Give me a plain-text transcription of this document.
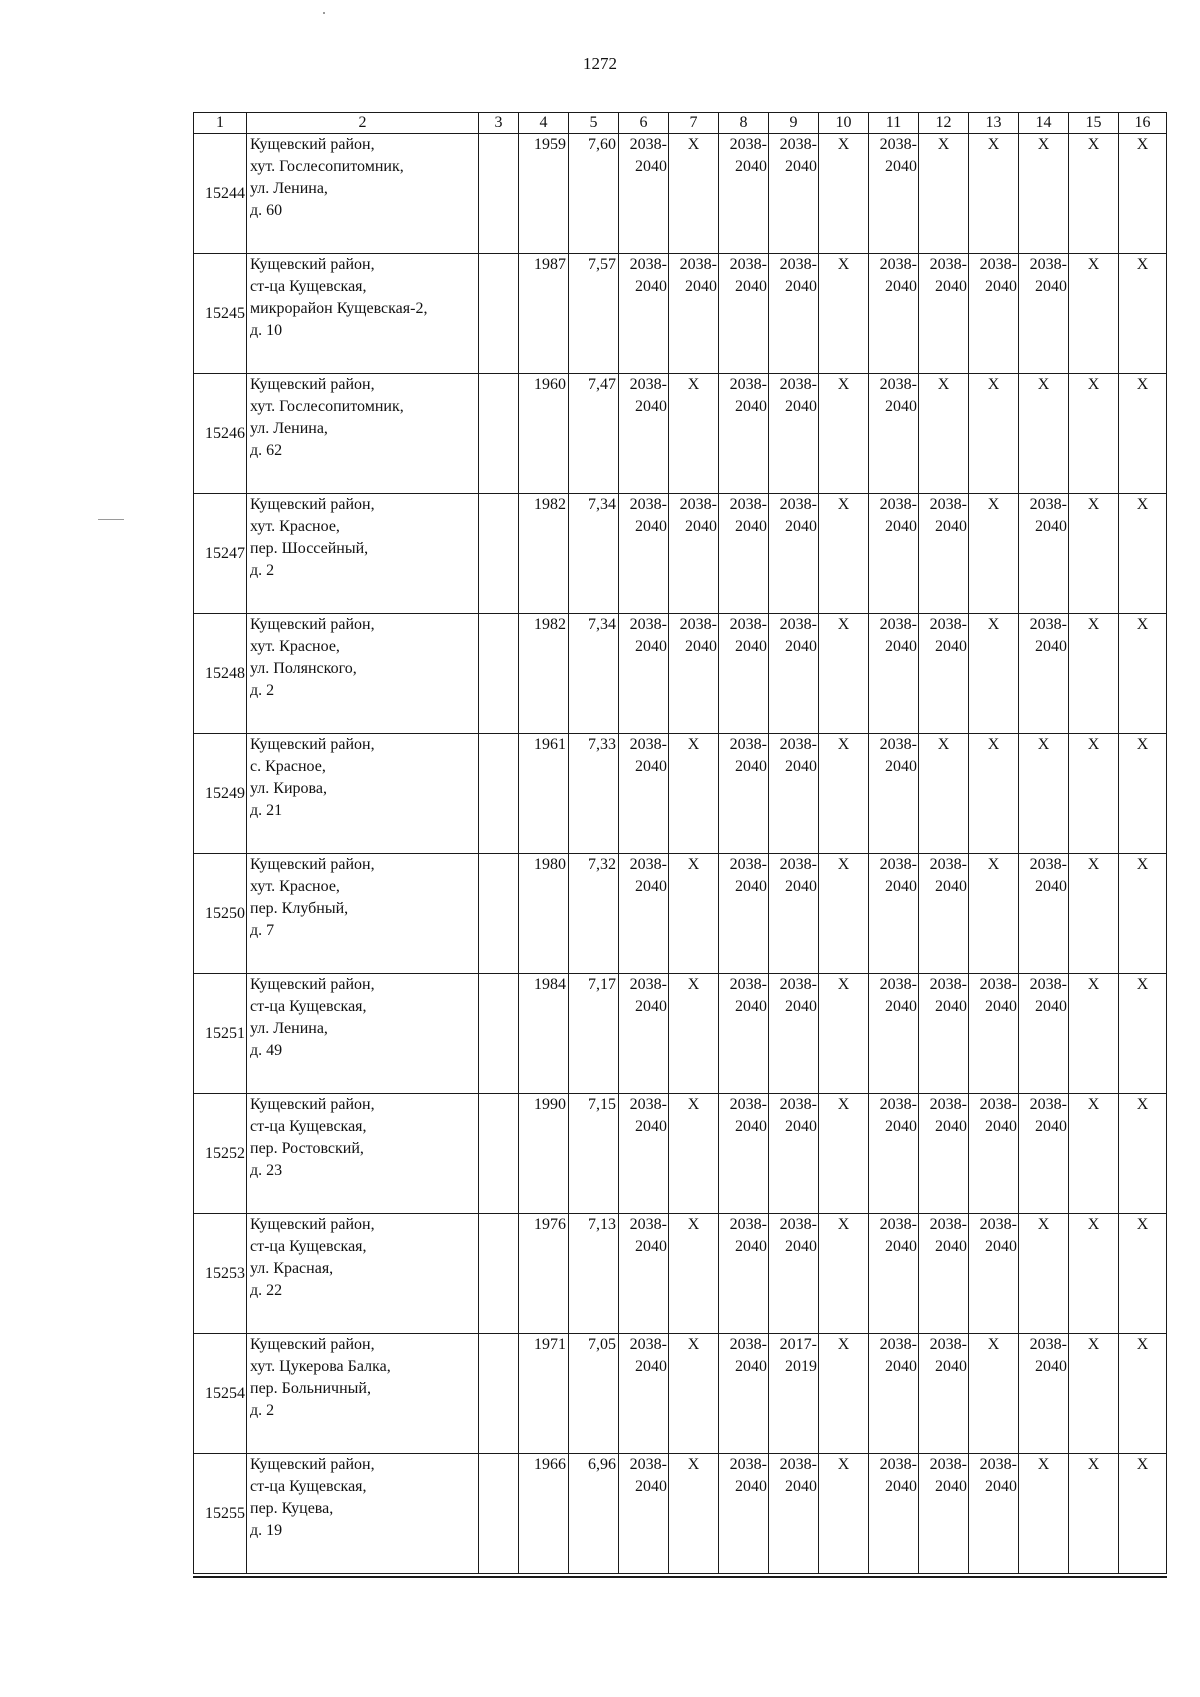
1272
1	2	3	4	5	6	7	8	9	10	11	12	13	14	15	16
15244	Кущевский район,
хут. Гослесопитомник,
ул. Ленина,
д. 60		1959	7,60	2038-
2040	X	2038-
2040	2038-
2040	X	2038-
2040	X	X	X	X	X
15245	Кущевский район,
ст-ца Кущевская,
микрорайон Кущевская-2,
д. 10		1987	7,57	2038-
2040	2038-
2040	2038-
2040	2038-
2040	X	2038-
2040	2038-
2040	2038-
2040	2038-
2040	X	X
15246	Кущевский район,
хут. Гослесопитомник,
ул. Ленина,
д. 62		1960	7,47	2038-
2040	X	2038-
2040	2038-
2040	X	2038-
2040	X	X	X	X	X
15247	Кущевский район,
хут. Красное,
пер. Шоссейный,
д. 2		1982	7,34	2038-
2040	2038-
2040	2038-
2040	2038-
2040	X	2038-
2040	2038-
2040	X	2038-
2040	X	X
15248	Кущевский район,
хут. Красное,
ул. Полянского,
д. 2		1982	7,34	2038-
2040	2038-
2040	2038-
2040	2038-
2040	X	2038-
2040	2038-
2040	X	2038-
2040	X	X
15249	Кущевский район,
с. Красное,
ул. Кирова,
д. 21		1961	7,33	2038-
2040	X	2038-
2040	2038-
2040	X	2038-
2040	X	X	X	X	X
15250	Кущевский район,
хут. Красное,
пер. Клубный,
д. 7		1980	7,32	2038-
2040	X	2038-
2040	2038-
2040	X	2038-
2040	2038-
2040	X	2038-
2040	X	X
15251	Кущевский район,
ст-ца Кущевская,
ул. Ленина,
д. 49		1984	7,17	2038-
2040	X	2038-
2040	2038-
2040	X	2038-
2040	2038-
2040	2038-
2040	2038-
2040	X	X
15252	Кущевский район,
ст-ца Кущевская,
пер. Ростовский,
д. 23		1990	7,15	2038-
2040	X	2038-
2040	2038-
2040	X	2038-
2040	2038-
2040	2038-
2040	2038-
2040	X	X
15253	Кущевский район,
ст-ца Кущевская,
ул. Красная,
д. 22		1976	7,13	2038-
2040	X	2038-
2040	2038-
2040	X	2038-
2040	2038-
2040	2038-
2040	X	X	X
15254	Кущевский район,
хут. Цукерова Балка,
пер. Больничный,
д. 2		1971	7,05	2038-
2040	X	2038-
2040	2017-
2019	X	2038-
2040	2038-
2040	X	2038-
2040	X	X
15255	Кущевский район,
ст-ца Кущевская,
пер. Куцева,
д. 19		1966	6,96	2038-
2040	X	2038-
2040	2038-
2040	X	2038-
2040	2038-
2040	2038-
2040	X	X	X
